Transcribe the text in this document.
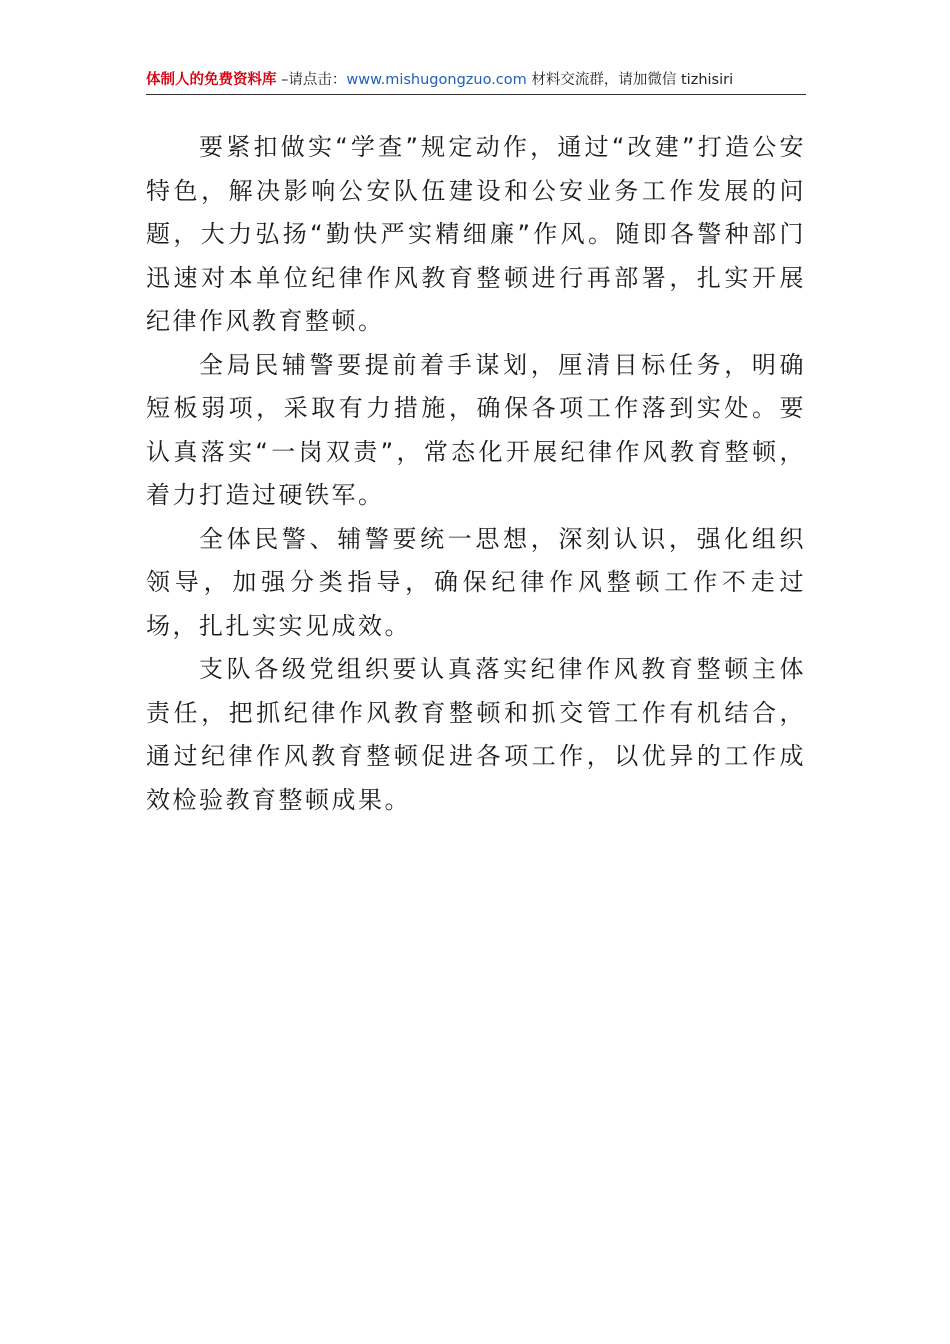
体制人的免费资料库 –请点击：www.mishugongzuo.com 材料交流群，请加微信 tizhisiri

要紧扣做实“学查”规定动作，通过“改建”打造公安特色，解决影响公安队伍建设和公安业务工作发展的问题，大力弘扬“勤快严实精细廉”作风。随即各警种部门迅速对本单位纪律作风教育整顿进行再部署，扎实开展纪律作风教育整顿。

全局民辅警要提前着手谋划，厘清目标任务，明确短板弱项，采取有力措施，确保各项工作落到实处。要认真落实“一岗双责”，常态化开展纪律作风教育整顿，着力打造过硬铁军。

全体民警、辅警要统一思想，深刻认识，强化组织领导，加强分类指导，确保纪律作风整顿工作不走过场，扎扎实实见成效。

支队各级党组织要认真落实纪律作风教育整顿主体责任，把抓纪律作风教育整顿和抓交管工作有机结合，通过纪律作风教育整顿促进各项工作，以优异的工作成效检验教育整顿成果。
